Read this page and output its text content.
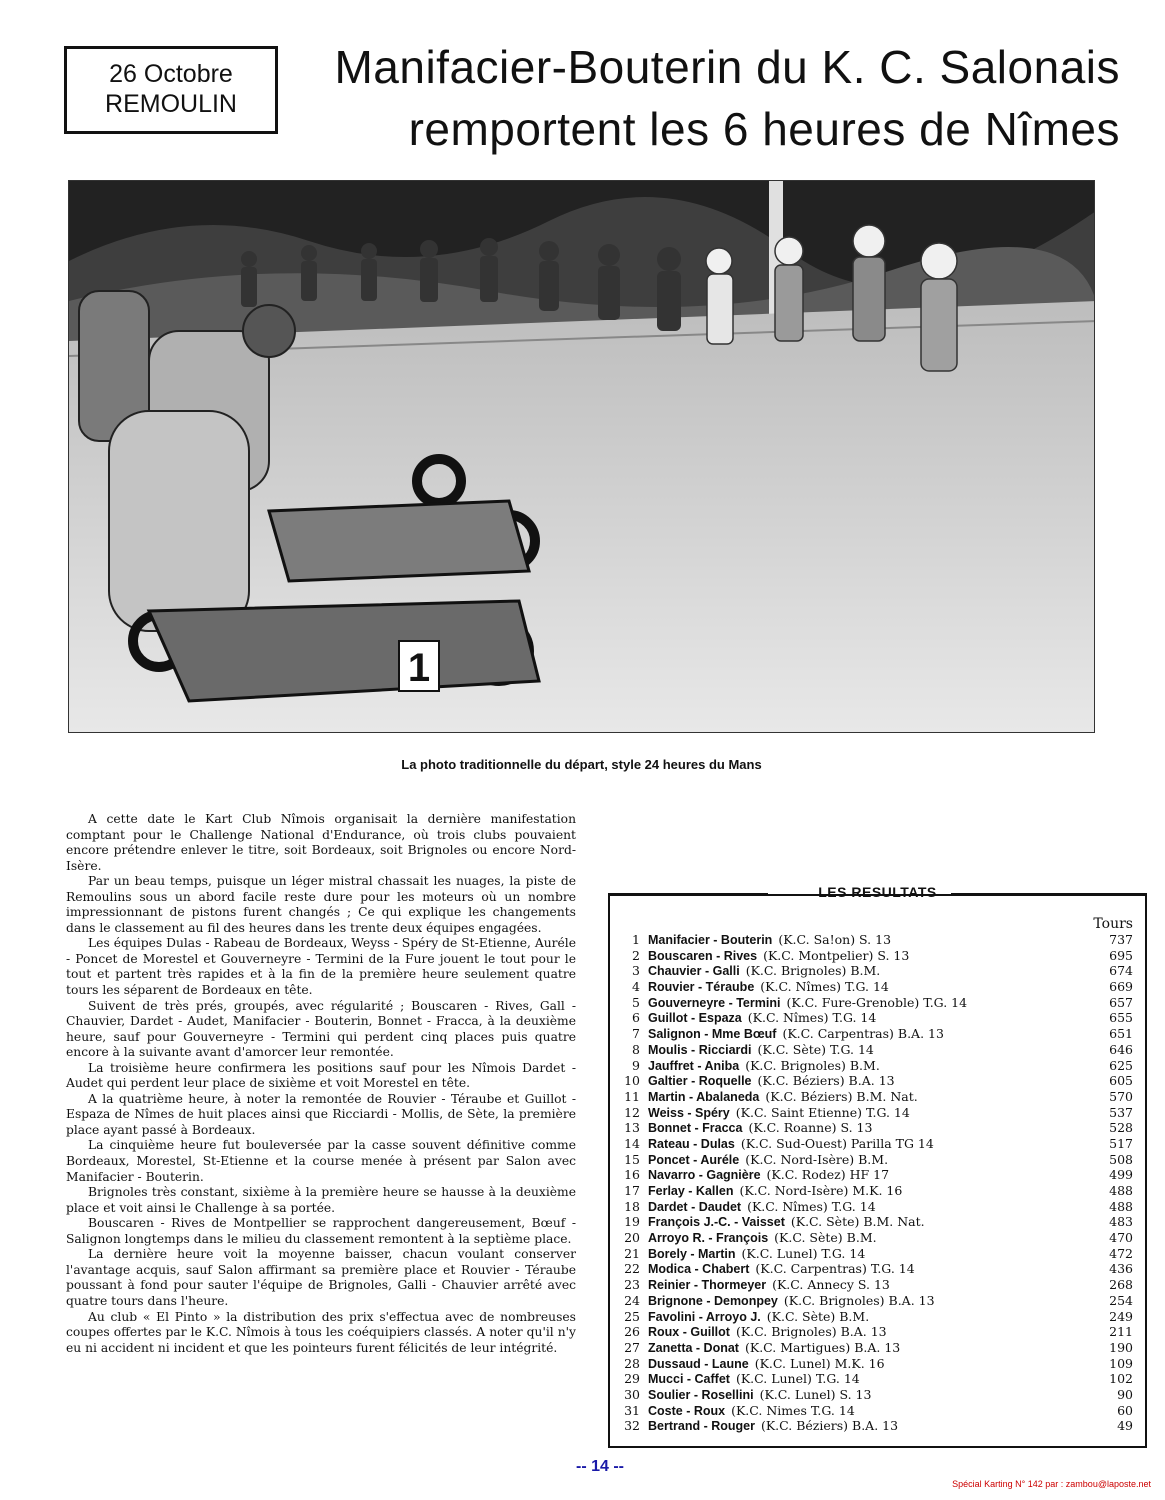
26 Octobre
REMOULIN
Manifacier-Bouterin du K. C. Salonais
remportent les 6 heures de Nîmes
1
La photo traditionnelle du départ, style 24 heures du Mans

A cette date le Kart Club Nîmois organisait la dernière manifestation comptant pour le Challenge National d'Endurance, où trois clubs pouvaient encore prétendre enlever le titre, soit Bordeaux, soit Brignoles ou encore Nord-Isère.

Par un beau temps, puisque un léger mistral chassait les nuages, la piste de Remoulins sous un abord facile reste dure pour les moteurs où un nombre impressionnant de pistons furent changés ; Ce qui explique les changements dans le classement au fil des heures dans les trente deux équipes engagées.

Les équipes Dulas - Rabeau de Bordeaux, Weyss - Spéry de St-Etienne, Auréle - Poncet de Morestel et Gouverneyre - Termini de la Fure jouent le tout pour le tout et partent très rapides et à la fin de la première heure seulement quatre tours les séparent de Bordeaux en tête.

Suivent de très prés, groupés, avec régularité ; Bouscaren - Rives, Gall - Chauvier, Dardet - Audet, Manifacier - Bouterin, Bonnet - Fracca, à la deuxième heure, sauf pour Gouverneyre - Termini qui perdent cinq places puis quatre encore à la suivante avant d'amorcer leur remontée.

La troisième heure confirmera les positions sauf pour les Nîmois Dardet - Audet qui perdent leur place de sixième et voit Morestel en tête.

A la quatrième heure, à noter la remontée de Rouvier - Téraube et Guillot - Espaza de Nîmes de huit places ainsi que Ricciardi - Mollis, de Sète, la première place ayant passé à Bordeaux.

La cinquième heure fut bouleversée par la casse souvent définitive comme Bordeaux, Morestel, St-Etienne et la course menée à présent par Salon avec Manifacier - Bouterin.

Brignoles très constant, sixième à la première heure se hausse à la deuxième place et voit ainsi le Challenge à sa portée.

Bouscaren - Rives de Montpellier se rapprochent dangereusement, Bœuf - Salignon longtemps dans le milieu du classement remontent à la septième place.

La dernière heure voit la moyenne baisser, chacun voulant conserver l'avantage acquis, sauf Salon affirmant sa première place et Rouvier - Téraube poussant à fond pour sauter l'équipe de Brignoles, Galli - Chauvier arrêté avec quatre tours dans l'heure.

Au club « El Pinto » la distribution des prix s'effectua avec de nombreuses coupes offertes par le K.C. Nîmois à tous les coéquipiers classés. A noter qu'il n'y eu ni accident ni incident et que les pointeurs furent félicités de leur intégrité.

Tours
1 Manifacier - Bouterin (K.C. Sa!on) S. 13	737
2 Bouscaren - Rives (K.C. Montpelier) S. 13	695
3 Chauvier - Galli (K.C. Brignoles) B.M.	674
4 Rouvier - Téraube (K.C. Nîmes) T.G. 14	669
5 Gouverneyre - Termini (K.C. Fure-Grenoble) T.G. 14	657
6 Guillot - Espaza (K.C. Nîmes) T.G. 14	655
7 Salignon - Mme Bœuf (K.C. Carpentras) B.A. 13	651
8 Moulis - Ricciardi (K.C. Sète) T.G. 14	646
9 Jauffret - Aniba (K.C. Brignoles) B.M.	625
10 Galtier - Roquelle (K.C. Béziers) B.A. 13	605
11 Martin - Abalaneda (K.C. Béziers) B.M. Nat.	570
12 Weiss - Spéry (K.C. Saint Etienne) T.G. 14	537
13 Bonnet - Fracca (K.C. Roanne) S. 13	528
14 Rateau - Dulas (K.C. Sud-Ouest) Parilla TG 14	517
15 Poncet - Auréle (K.C. Nord-Isère) B.M.	508
16 Navarro - Gagnière (K.C. Rodez) HF 17	499
17 Ferlay - Kallen (K.C. Nord-Isère) M.K. 16	488
18 Dardet - Daudet (K.C. Nîmes) T.G. 14	488
19 François J.-C. - Vaisset (K.C. Sète) B.M. Nat.	483
20 Arroyo R. - François (K.C. Sète) B.M.	470
21 Borely - Martin (K.C. Lunel) T.G. 14	472
22 Modica - Chabert (K.C. Carpentras) T.G. 14	436
23 Reinier - Thormeyer (K.C. Annecy S. 13	268
24 Brignone - Demonpey (K.C. Brignoles) B.A. 13	254
25 Favolini - Arroyo J. (K.C. Sète) B.M.	249
26 Roux - Guillot (K.C. Brignoles) B.A. 13	211
27 Zanetta - Donat (K.C. Martigues) B.A. 13	190
28 Dussaud - Laune (K.C. Lunel) M.K. 16	109
29 Mucci - Caffet (K.C. Lunel) T.G. 14	102
30 Soulier - Rosellini (K.C. Lunel) S. 13	90
31 Coste - Roux (K.C. Nimes T.G. 14	60
32 Bertrand - Rouger (K.C. Béziers) B.A. 13	49
LES RESULTATS
-- 14 --
Spécial Karting N° 142 par : zambou@laposte.net
